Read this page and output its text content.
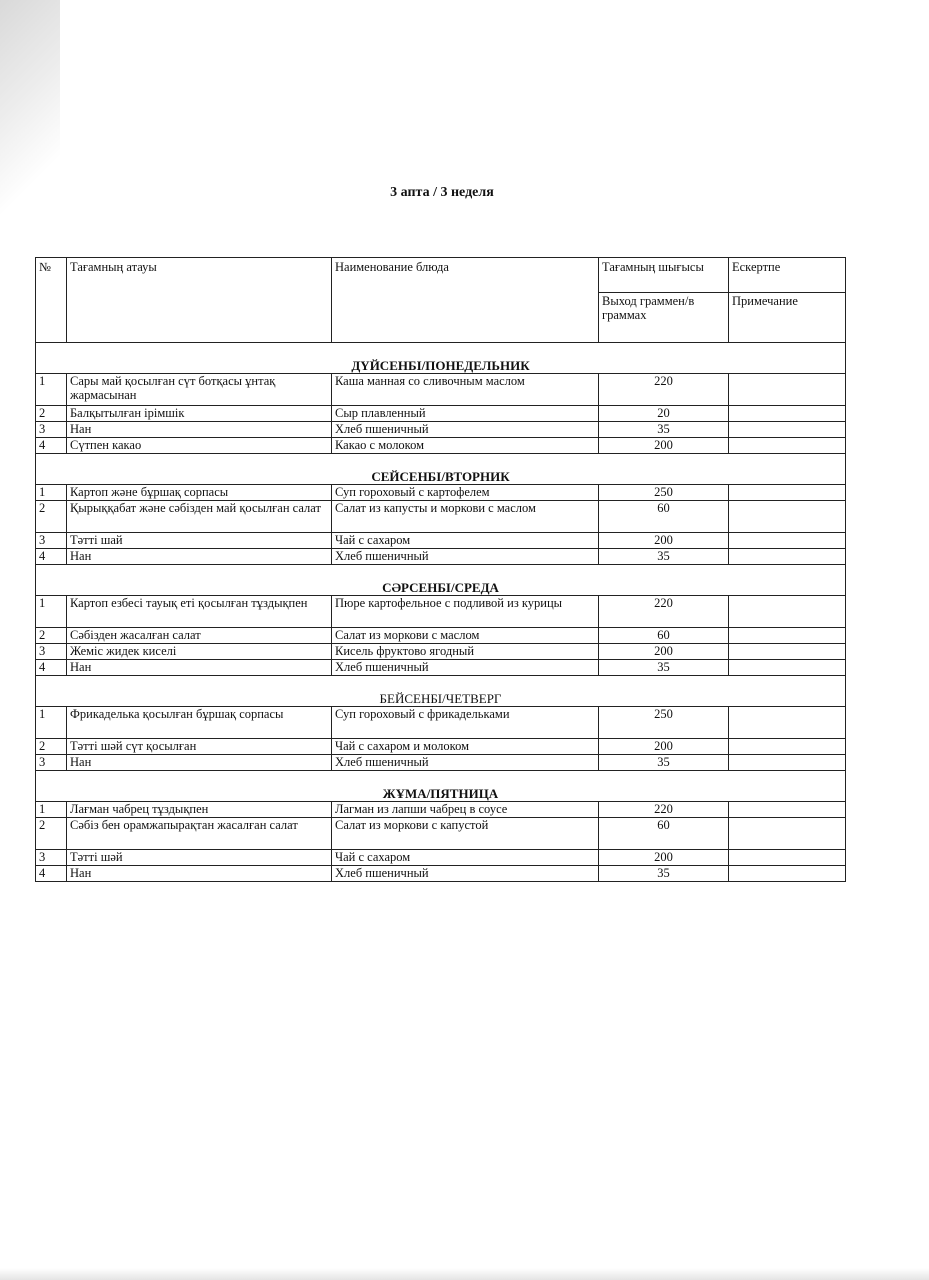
3 апта / 3 неделя
№	Тағамның атауы	Наименование блюда	Тағамның шығысы	Ескертпе
			Выход граммен/в граммах	Примечание
ДҮЙСЕНБІ/ПОНЕДЕЛЬНИК				
1	Сары май қосылған сүт ботқасы ұнтақ жармасынан	Каша манная со сливочным маслом	220	
2	Балқытылған ірімшік	Сыр плавленный	20	
3	Нан	Хлеб пшеничный	35	
4	Сүтпен какао	Какао с молоком	200	
СЕЙСЕНБІ/ВТОРНИК				
1	Картоп және бұршақ сорпасы	Суп гороховый с картофелем	250	
2	Қырыққабат және сәбізден май қосылған салат	Салат из капусты и моркови с маслом	60	
3	Тәтті шай	Чай с сахаром	200	
4	Нан	Хлеб пшеничный	35	
СӘРСЕНБІ/СРЕДА				
1	Картоп езбесі тауық еті қосылған тұздықпен	Пюре картофельное с подливой из курицы	220	
2	Сәбізден жасалған салат	Салат из моркови с маслом	60	
3	Жеміс жидек киселі	Кисель фруктово ягодный	200	
4	Нан	Хлеб пшеничный	35	
БЕЙСЕНБІ/ЧЕТВЕРГ				
1	Фрикаделька қосылған бұршақ сорпасы	Суп гороховый с фрикадельками	250	
2	Тәтті шәй сүт қосылған	Чай с сахаром и молоком	200	
3	Нан	Хлеб пшеничный	35	
ЖҰМА/ПЯТНИЦА				
1	Лағман чабрец тұздықпен	Лагман из лапши чабрец в соусе	220	
2	Сәбіз бен орамжапырақтан жасалған салат	Салат из моркови с капустой	60	
3	Тәтті шәй	Чай с сахаром	200	
4	Нан	Хлеб пшеничный	35	
